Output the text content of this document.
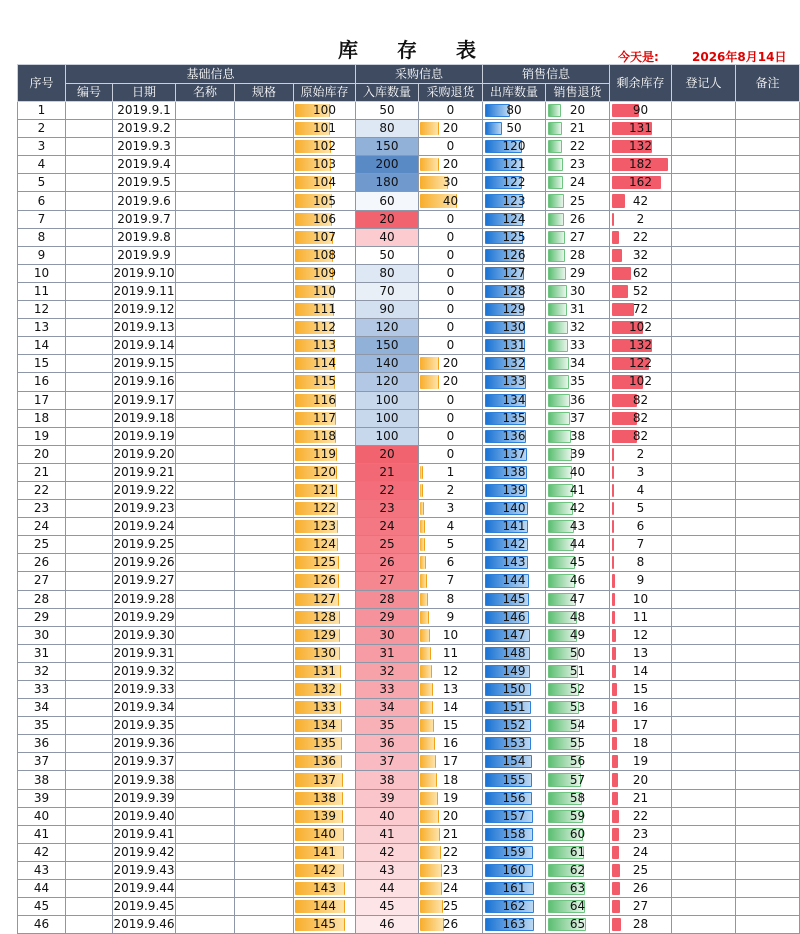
库 存 表	今天是:	2026年8月14日
序号	基础信息					采购信息		销售信息		剩余库存	登记人	备注
	编号	日期	名称	规格	原始库存	入库数量	采购退货	出库数量	销售退货			
1		2019.9.1			100	50	0	80	20	90		
2		2019.9.2			101	80	20	50	21	131		
3		2019.9.3			102	150	0	120	22	132		
4		2019.9.4			103	200	20	121	23	182		
5		2019.9.5			104	180	30	122	24	162		
6		2019.9.6			105	60	40	123	25	42		
7		2019.9.7			106	20	0	124	26	2		
8		2019.9.8			107	40	0	125	27	22		
9		2019.9.9			108	50	0	126	28	32		
10		2019.9.10			109	80	0	127	29	62		
11		2019.9.11			110	70	0	128	30	52		
12		2019.9.12			111	90	0	129	31	72		
13		2019.9.13			112	120	0	130	32	102		
14		2019.9.14			113	150	0	131	33	132		
15		2019.9.15			114	140	20	132	34	122		
16		2019.9.16			115	120	20	133	35	102		
17		2019.9.17			116	100	0	134	36	82		
18		2019.9.18			117	100	0	135	37	82		
19		2019.9.19			118	100	0	136	38	82		
20		2019.9.20			119	20	0	137	39	2		
21		2019.9.21			120	21	1	138	40	3		
22		2019.9.22			121	22	2	139	41	4		
23		2019.9.23			122	23	3	140	42	5		
24		2019.9.24			123	24	4	141	43	6		
25		2019.9.25			124	25	5	142	44	7		
26		2019.9.26			125	26	6	143	45	8		
27		2019.9.27			126	27	7	144	46	9		
28		2019.9.28			127	28	8	145	47	10		
29		2019.9.29			128	29	9	146	48	11		
30		2019.9.30			129	30	10	147	49	12		
31		2019.9.31			130	31	11	148	50	13		
32		2019.9.32			131	32	12	149	51	14		
33		2019.9.33			132	33	13	150	52	15		
34		2019.9.34			133	34	14	151	53	16		
35		2019.9.35			134	35	15	152	54	17		
36		2019.9.36			135	36	16	153	55	18		
37		2019.9.37			136	37	17	154	56	19		
38		2019.9.38			137	38	18	155	57	20		
39		2019.9.39			138	39	19	156	58	21		
40		2019.9.40			139	40	20	157	59	22		
41		2019.9.41			140	41	21	158	60	23		
42		2019.9.42			141	42	22	159	61	24		
43		2019.9.43			142	43	23	160	62	25		
44		2019.9.44			143	44	24	161	63	26		
45		2019.9.45			144	45	25	162	64	27		
46		2019.9.46			145	46	26	163	65	28		
